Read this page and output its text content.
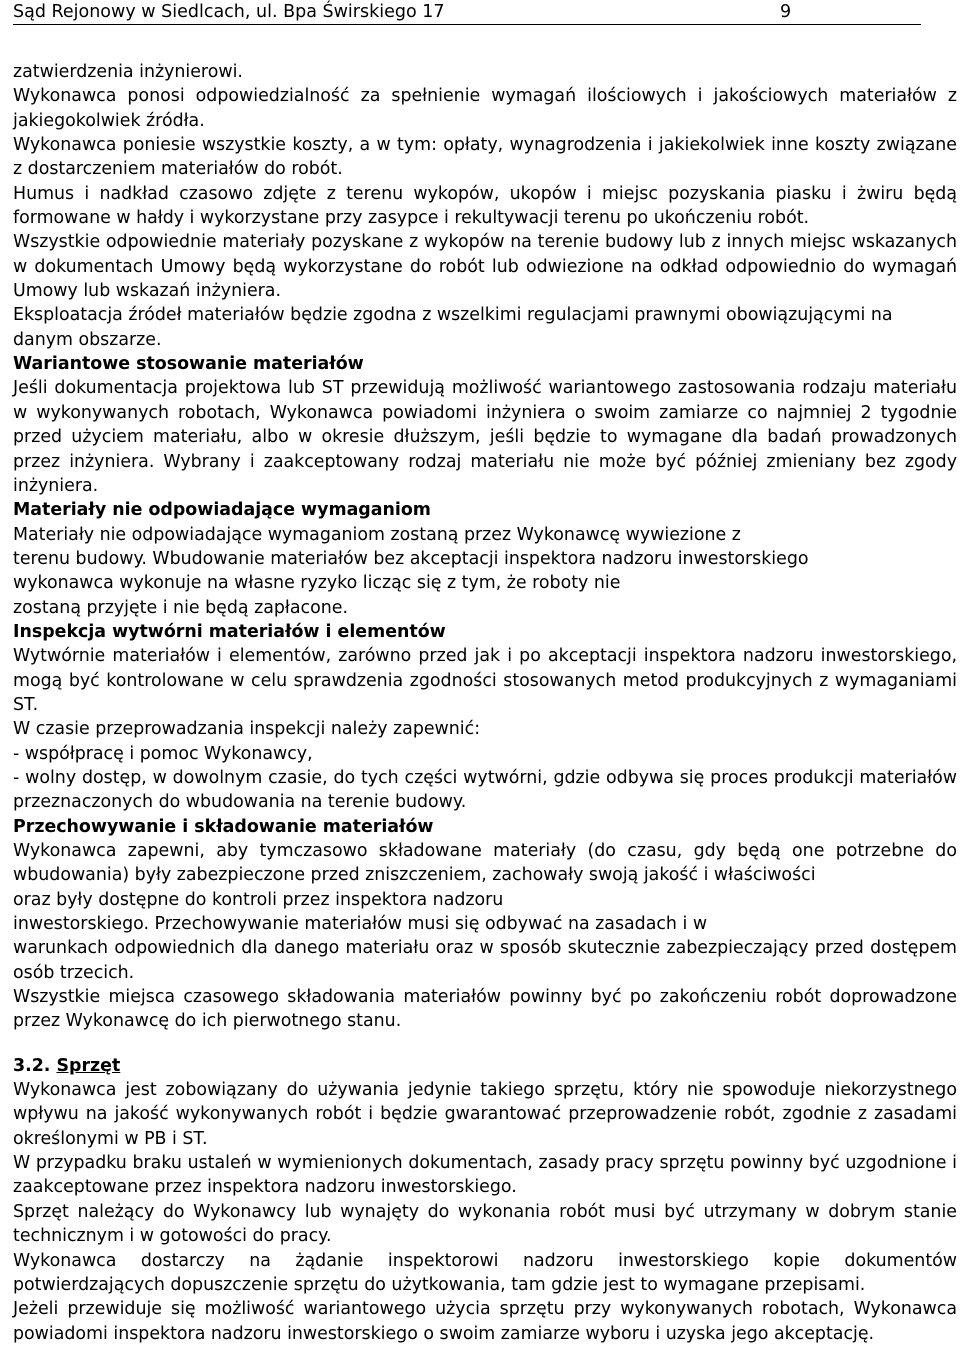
Sąd Rejonowy w Siedlcach, ul. Bpa Świrskiego 17	9

zatwierdzenia inżynierowi.

Wykonawca ponosi odpowiedzialność za spełnienie wymagań ilościowych i jakościowych materiałów z jakiegokolwiek źródła.

Wykonawca poniesie wszystkie koszty, a w tym: opłaty, wynagrodzenia i jakiekolwiek inne koszty związane z dostarczeniem materiałów do robót.

Humus i nadkład czasowo zdjęte z terenu wykopów, ukopów i miejsc pozyskania piasku i żwiru będą formowane w hałdy i wykorzystane przy zasypce i rekultywacji terenu po ukończeniu robót.

Wszystkie odpowiednie materiały pozyskane z wykopów na terenie budowy lub z innych miejsc wskazanych w dokumentach Umowy będą wykorzystane do robót lub odwiezione na odkład odpowiednio do wymagań Umowy lub wskazań inżyniera.

Eksploatacja źródeł materiałów będzie zgodna z wszelkimi regulacjami prawnymi obowiązującymi na danym obszarze.

Wariantowe stosowanie materiałów

Jeśli dokumentacja projektowa lub ST przewidują możliwość wariantowego zastosowania rodzaju materiału w wykonywanych robotach, Wykonawca powiadomi inżyniera o swoim zamiarze co najmniej 2 tygodnie przed użyciem materiału, albo w okresie dłuższym, jeśli będzie to wymagane dla badań prowadzonych przez inżyniera. Wybrany i zaakceptowany rodzaj materiału nie może być później zmieniany bez zgody inżyniera.

Materiały nie odpowiadające wymaganiom

Materiały nie odpowiadające wymaganiom zostaną przez Wykonawcę wywiezione z

terenu budowy. Wbudowanie materiałów bez akceptacji inspektora nadzoru inwestorskiego

wykonawca wykonuje na własne ryzyko licząc się z tym, że roboty nie

zostaną przyjęte i nie będą zapłacone.

Inspekcja wytwórni materiałów i elementów

Wytwórnie materiałów i elementów, zarówno przed jak i po akceptacji inspektora nadzoru inwestorskiego, mogą być kontrolowane w celu sprawdzenia zgodności stosowanych metod produkcyjnych z wymaganiami ST.

W czasie przeprowadzania inspekcji należy zapewnić:

- współpracę i pomoc Wykonawcy,

- wolny dostęp, w dowolnym czasie, do tych części wytwórni, gdzie odbywa się proces produkcji materiałów przeznaczonych do wbudowania na terenie budowy.

Przechowywanie i składowanie materiałów

Wykonawca zapewni, aby tymczasowo składowane materiały (do czasu, gdy będą one potrzebne do wbudowania) były zabezpieczone przed zniszczeniem, zachowały swoją jakość i właściwości

oraz były dostępne do kontroli przez inspektora nadzoru

inwestorskiego. Przechowywanie materiałów musi się odbywać na zasadach i w

warunkach odpowiednich dla danego materiału oraz w sposób skutecznie zabezpieczający przed dostępem osób trzecich.

Wszystkie miejsca czasowego składowania materiałów powinny być po zakończeniu robót doprowadzone przez Wykonawcę do ich pierwotnego stanu.

3.2. Sprzęt

Wykonawca jest zobowiązany do używania jedynie takiego sprzętu, który nie spowoduje niekorzystnego wpływu na jakość wykonywanych robót i będzie gwarantować przeprowadzenie robót, zgodnie z zasadami określonymi w PB i ST.

W przypadku braku ustaleń w wymienionych dokumentach, zasady pracy sprzętu powinny być uzgodnione i zaakceptowane przez inspektora nadzoru inwestorskiego.

Sprzęt należący do Wykonawcy lub wynajęty do wykonania robót musi być utrzymany w dobrym stanie technicznym i w gotowości do pracy.

Wykonawca dostarczy na żądanie inspektorowi nadzoru inwestorskiego kopie dokumentów potwierdzających dopuszczenie sprzętu do użytkowania, tam gdzie jest to wymagane przepisami.

Jeżeli przewiduje się możliwość wariantowego użycia sprzętu przy wykonywanych robotach, Wykonawca powiadomi inspektora nadzoru inwestorskiego o swoim zamiarze wyboru i uzyska jego akceptację.
